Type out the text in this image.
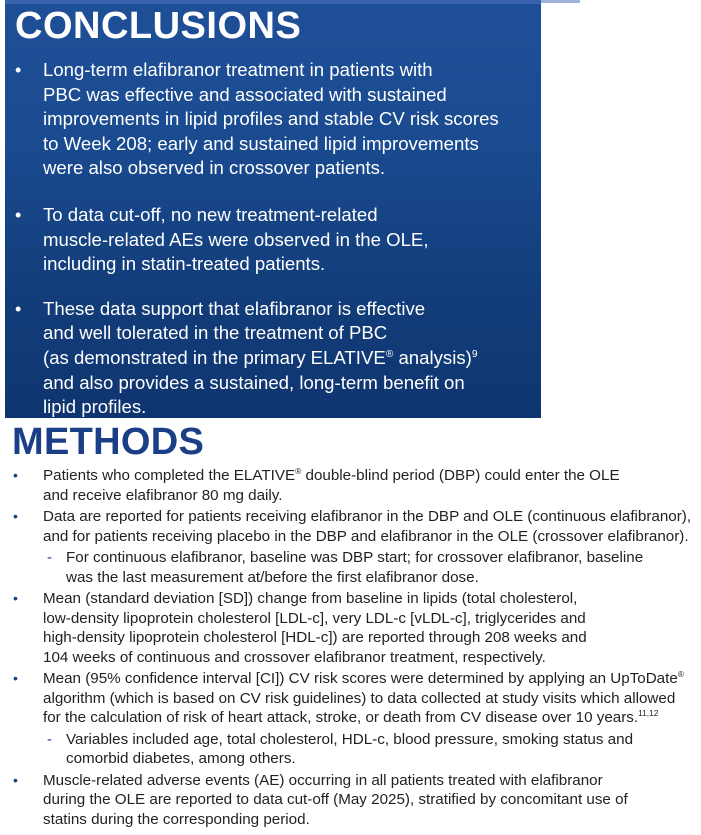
CONCLUSIONS
• Long-term elafibranor treatment in patients with
PBC was effective and associated with sustained
improvements in lipid profiles and stable CV risk scores
to Week 208; early and sustained lipid improvements
were also observed in crossover patients.
• To data cut-off, no new treatment-related
muscle-related AEs were observed in the OLE,
including in statin-treated patients.
• These data support that elafibranor is effective
and well tolerated in the treatment of PBC
(as demonstrated in the primary ELATIVE® analysis)$^9$
and also provides a sustained, long-term benefit on
lipid profiles.
METHODS
• Patients who completed the ELATIVE® double-blind period (DBP) could enter the OLE
and receive elafibranor 80 mg daily.
• Data are reported for patients receiving elafibranor in the DBP and OLE (continuous elafibranor),
and for patients receiving placebo in the DBP and elafibranor in the OLE (crossover elafibranor).
- For continuous elafibranor, baseline was DBP start; for crossover elafibranor, baseline
was the last measurement at/before the first elafibranor dose.
• Mean (standard deviation [SD]) change from baseline in lipids (total cholesterol,
low-density lipoprotein cholesterol [LDL-c], very LDL-c [vLDL-c], triglycerides and
high-density lipoprotein cholesterol [HDL-c]) are reported through 208 weeks and
104 weeks of continuous and crossover elafibranor treatment, respectively.
• Mean (95% confidence interval [CI]) CV risk scores were determined by applying an UpToDate®
algorithm (which is based on CV risk guidelines) to data collected at study visits which allowed
for the calculation of risk of heart attack, stroke, or death from CV disease over 10 years.$^{11,12}$
- Variables included age, total cholesterol, HDL-c, blood pressure, smoking status and
comorbid diabetes, among others.
• Muscle-related adverse events (AE) occurring in all patients treated with elafibranor
during the OLE are reported to data cut-off (May 2025), stratified by concomitant use of
statins during the corresponding period.
